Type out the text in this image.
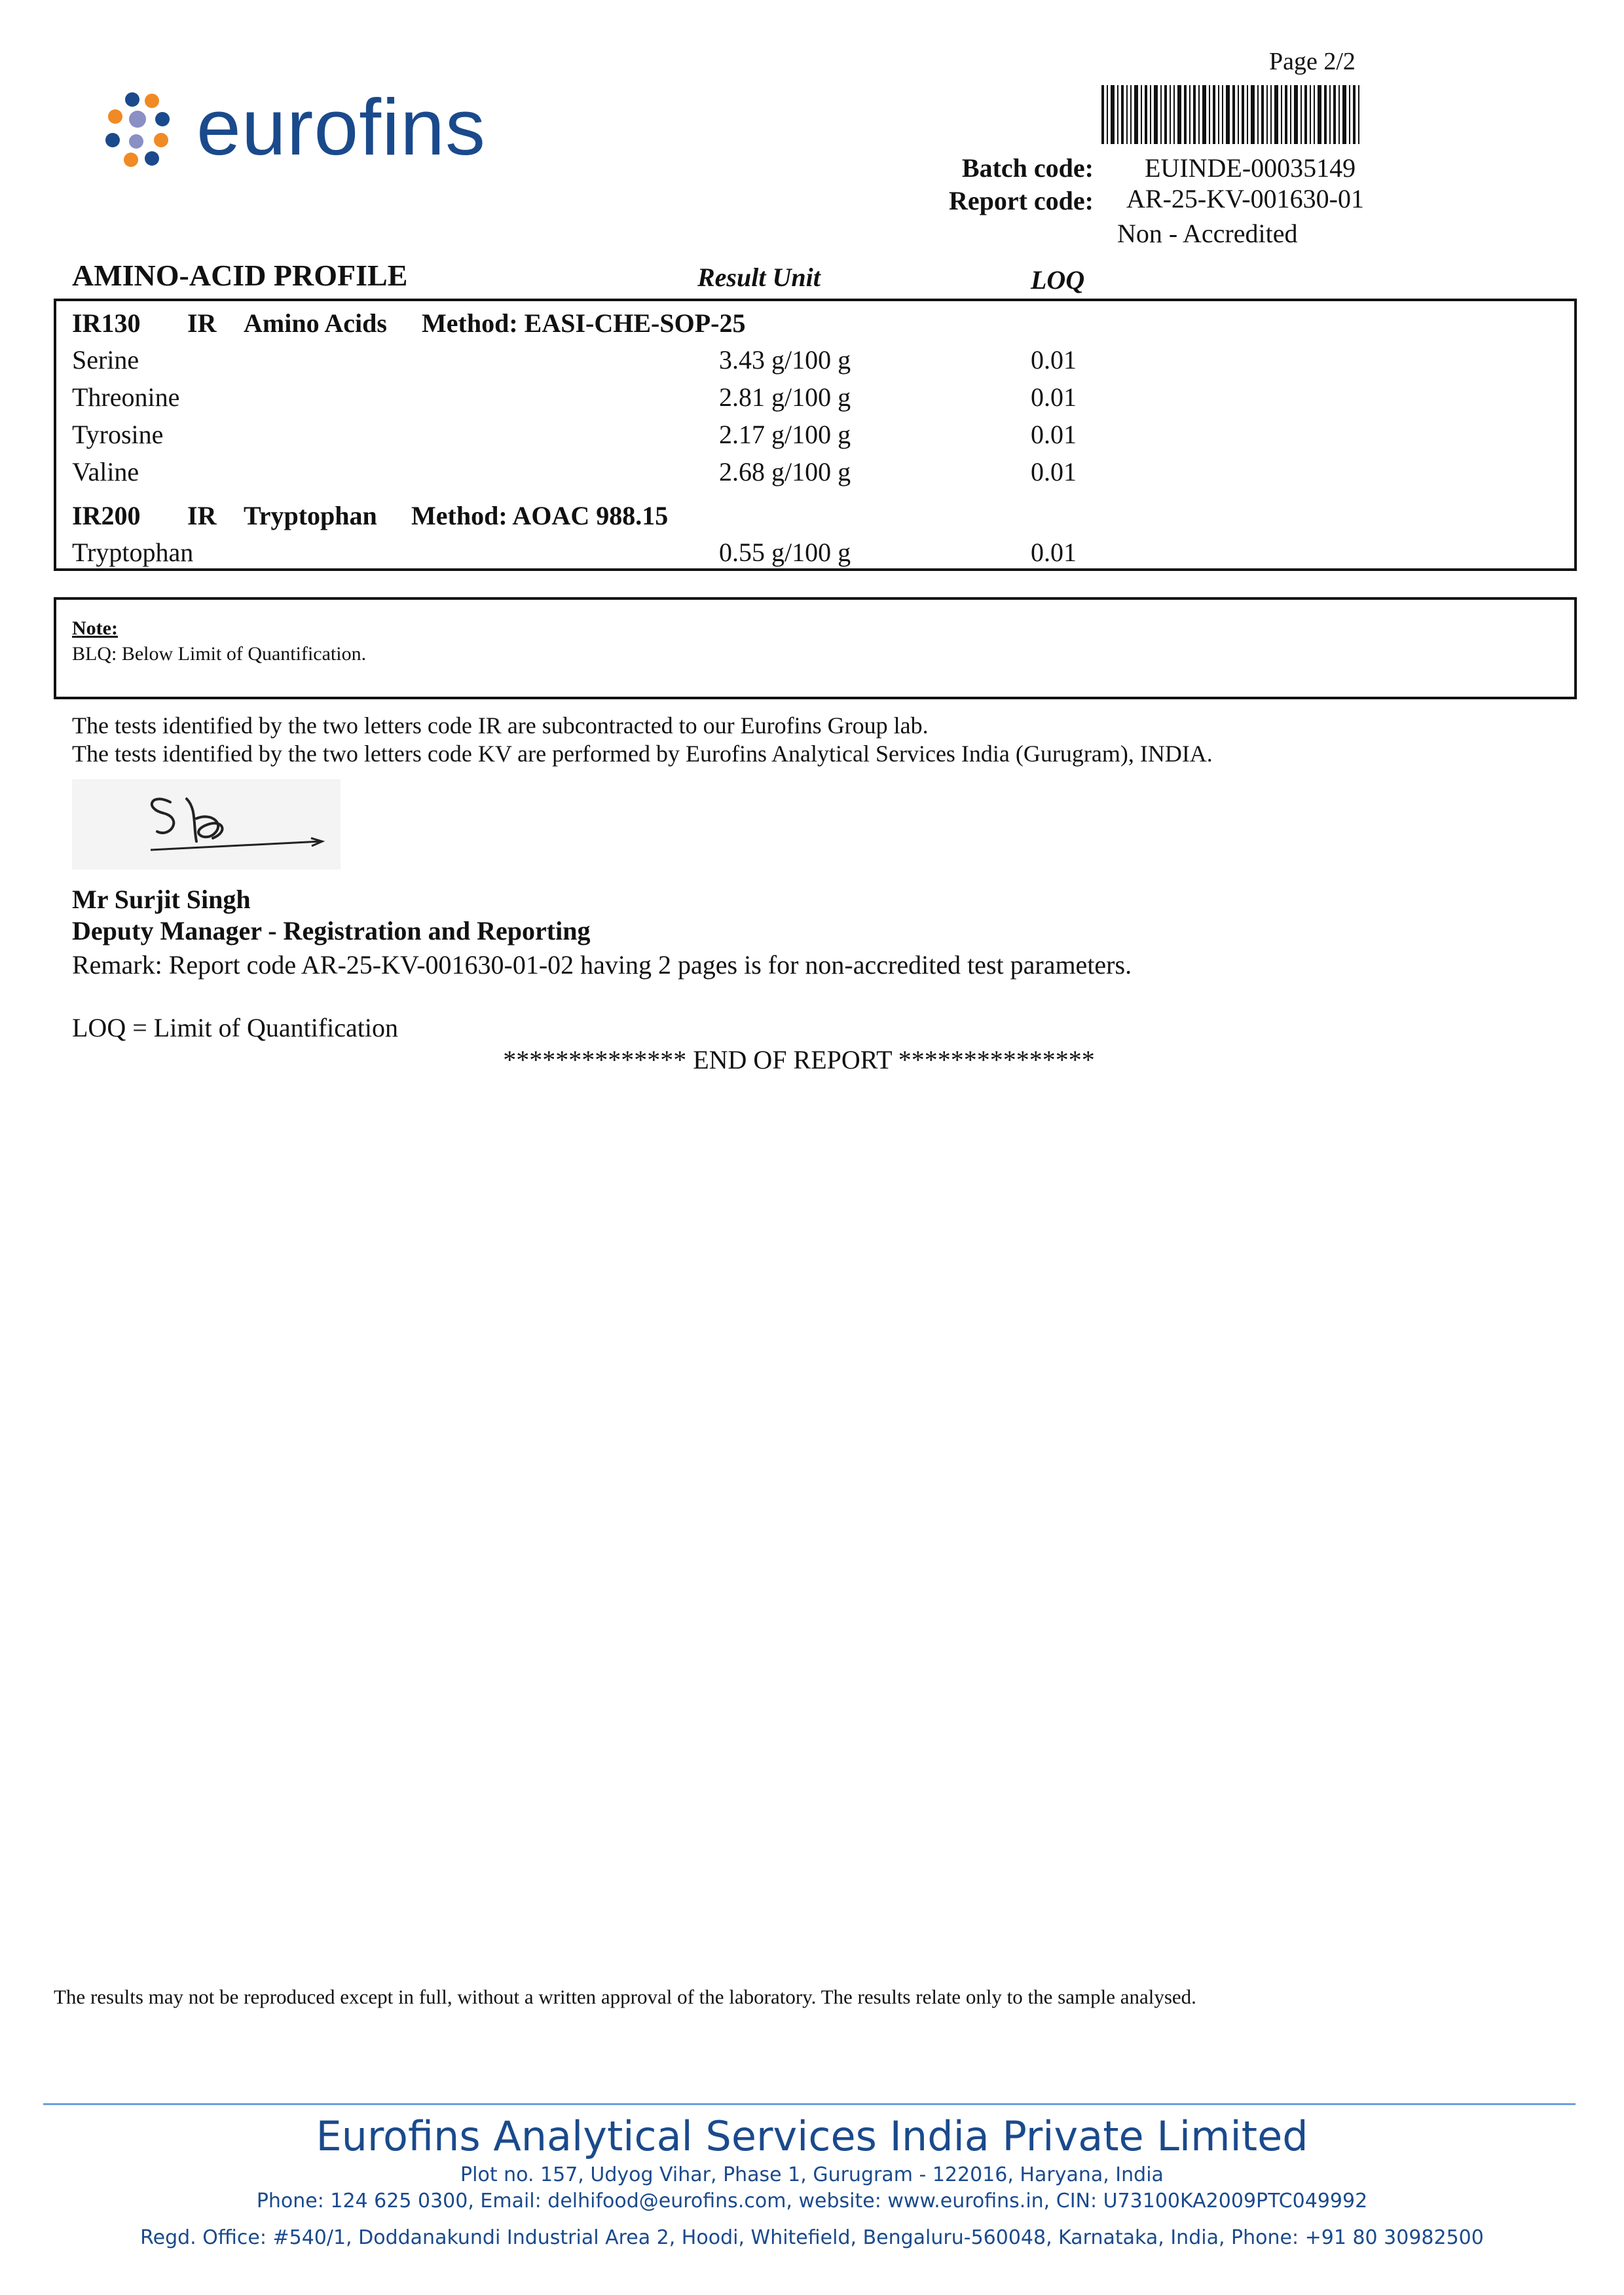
Page 2/2
eurofins	Batch code: EUINDE-00035149
Report code: AR-25-KV-001630-01
Non - Accredited
AMINO-ACID PROFILE	Result Unit	LOQ
IR130 IR Amino Acids Method: EASI-CHE-SOP-25
Serine	3.43 g/100 g	0.01
Threonine	2.81 g/100 g	0.01
Tyrosine	2.17 g/100 g	0.01
Valine	2.68 g/100 g	0.01
IR200 IR Tryptophan Method: AOAC 988.15
Tryptophan	0.55 g/100 g	0.01
Note:
BLQ: Below Limit of Quantification.
The tests identified by the two letters code IR are subcontracted to our Eurofins Group lab.
The tests identified by the two letters code KV are performed by Eurofins Analytical Services India (Gurugram), INDIA.
Mr Surjit Singh
Deputy Manager - Registration and Reporting
Remark: Report code AR-25-KV-001630-01-02 having 2 pages is for non-accredited test parameters.
LOQ = Limit of Quantification
************** END OF REPORT ***************
The results may not be reproduced except in full, without a written approval of the laboratory. The results relate only to the sample analysed.
Eurofins Analytical Services India Private Limited
Plot no. 157, Udyog Vihar, Phase 1, Gurugram - 122016, Haryana, India
Phone: 124 625 0300, Email: delhifood@eurofins.com, website: www.eurofins.in, CIN: U73100KA2009PTC049992
Regd. Office: #540/1, Doddanakundi Industrial Area 2, Hoodi, Whitefield, Bengaluru-560048, Karnataka, India, Phone: +91 80 30982500
